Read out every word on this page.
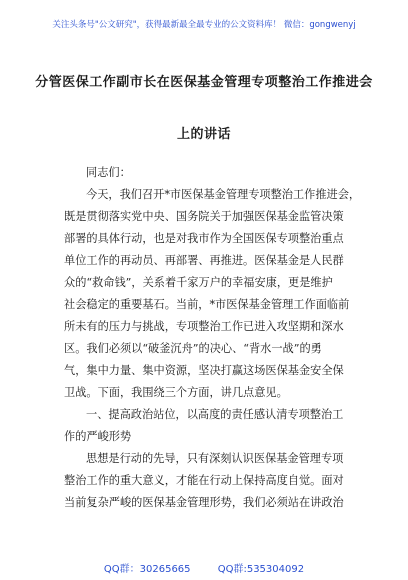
关注头条号"公文研究"，获得最新最全最专业的公文资料库！ 微信：gongwenyj
分管医保工作副市长在医保基金管理专项整治工作推进会
上的讲话

同志们：

今天，我们召开*市医保基金管理专项整治工作推进会，

既是贯彻落实党中央、国务院关于加强医保基金监管决策

部署的具体行动，也是对我市作为全国医保专项整治重点

单位工作的再动员、再部署、再推进。医保基金是人民群

众的“救命钱”，关系着千家万户的幸福安康，更是维护

社会稳定的重要基石。当前，*市医保基金管理工作面临前

所未有的压力与挑战，专项整治工作已进入攻坚期和深水

区。我们必须以“破釜沉舟”的决心、“背水一战”的勇

气，集中力量、集中资源，坚决打赢这场医保基金安全保

卫战。下面，我围绕三个方面，讲几点意见。

一、提高政治站位，以高度的责任感认清专项整治工

作的严峻形势

思想是行动的先导，只有深刻认识医保基金管理专项

整治工作的重大意义，才能在行动上保持高度自觉。面对

当前复杂严峻的医保基金管理形势，我们必须站在讲政治

QQ群：30265665	QQ群:535304092
